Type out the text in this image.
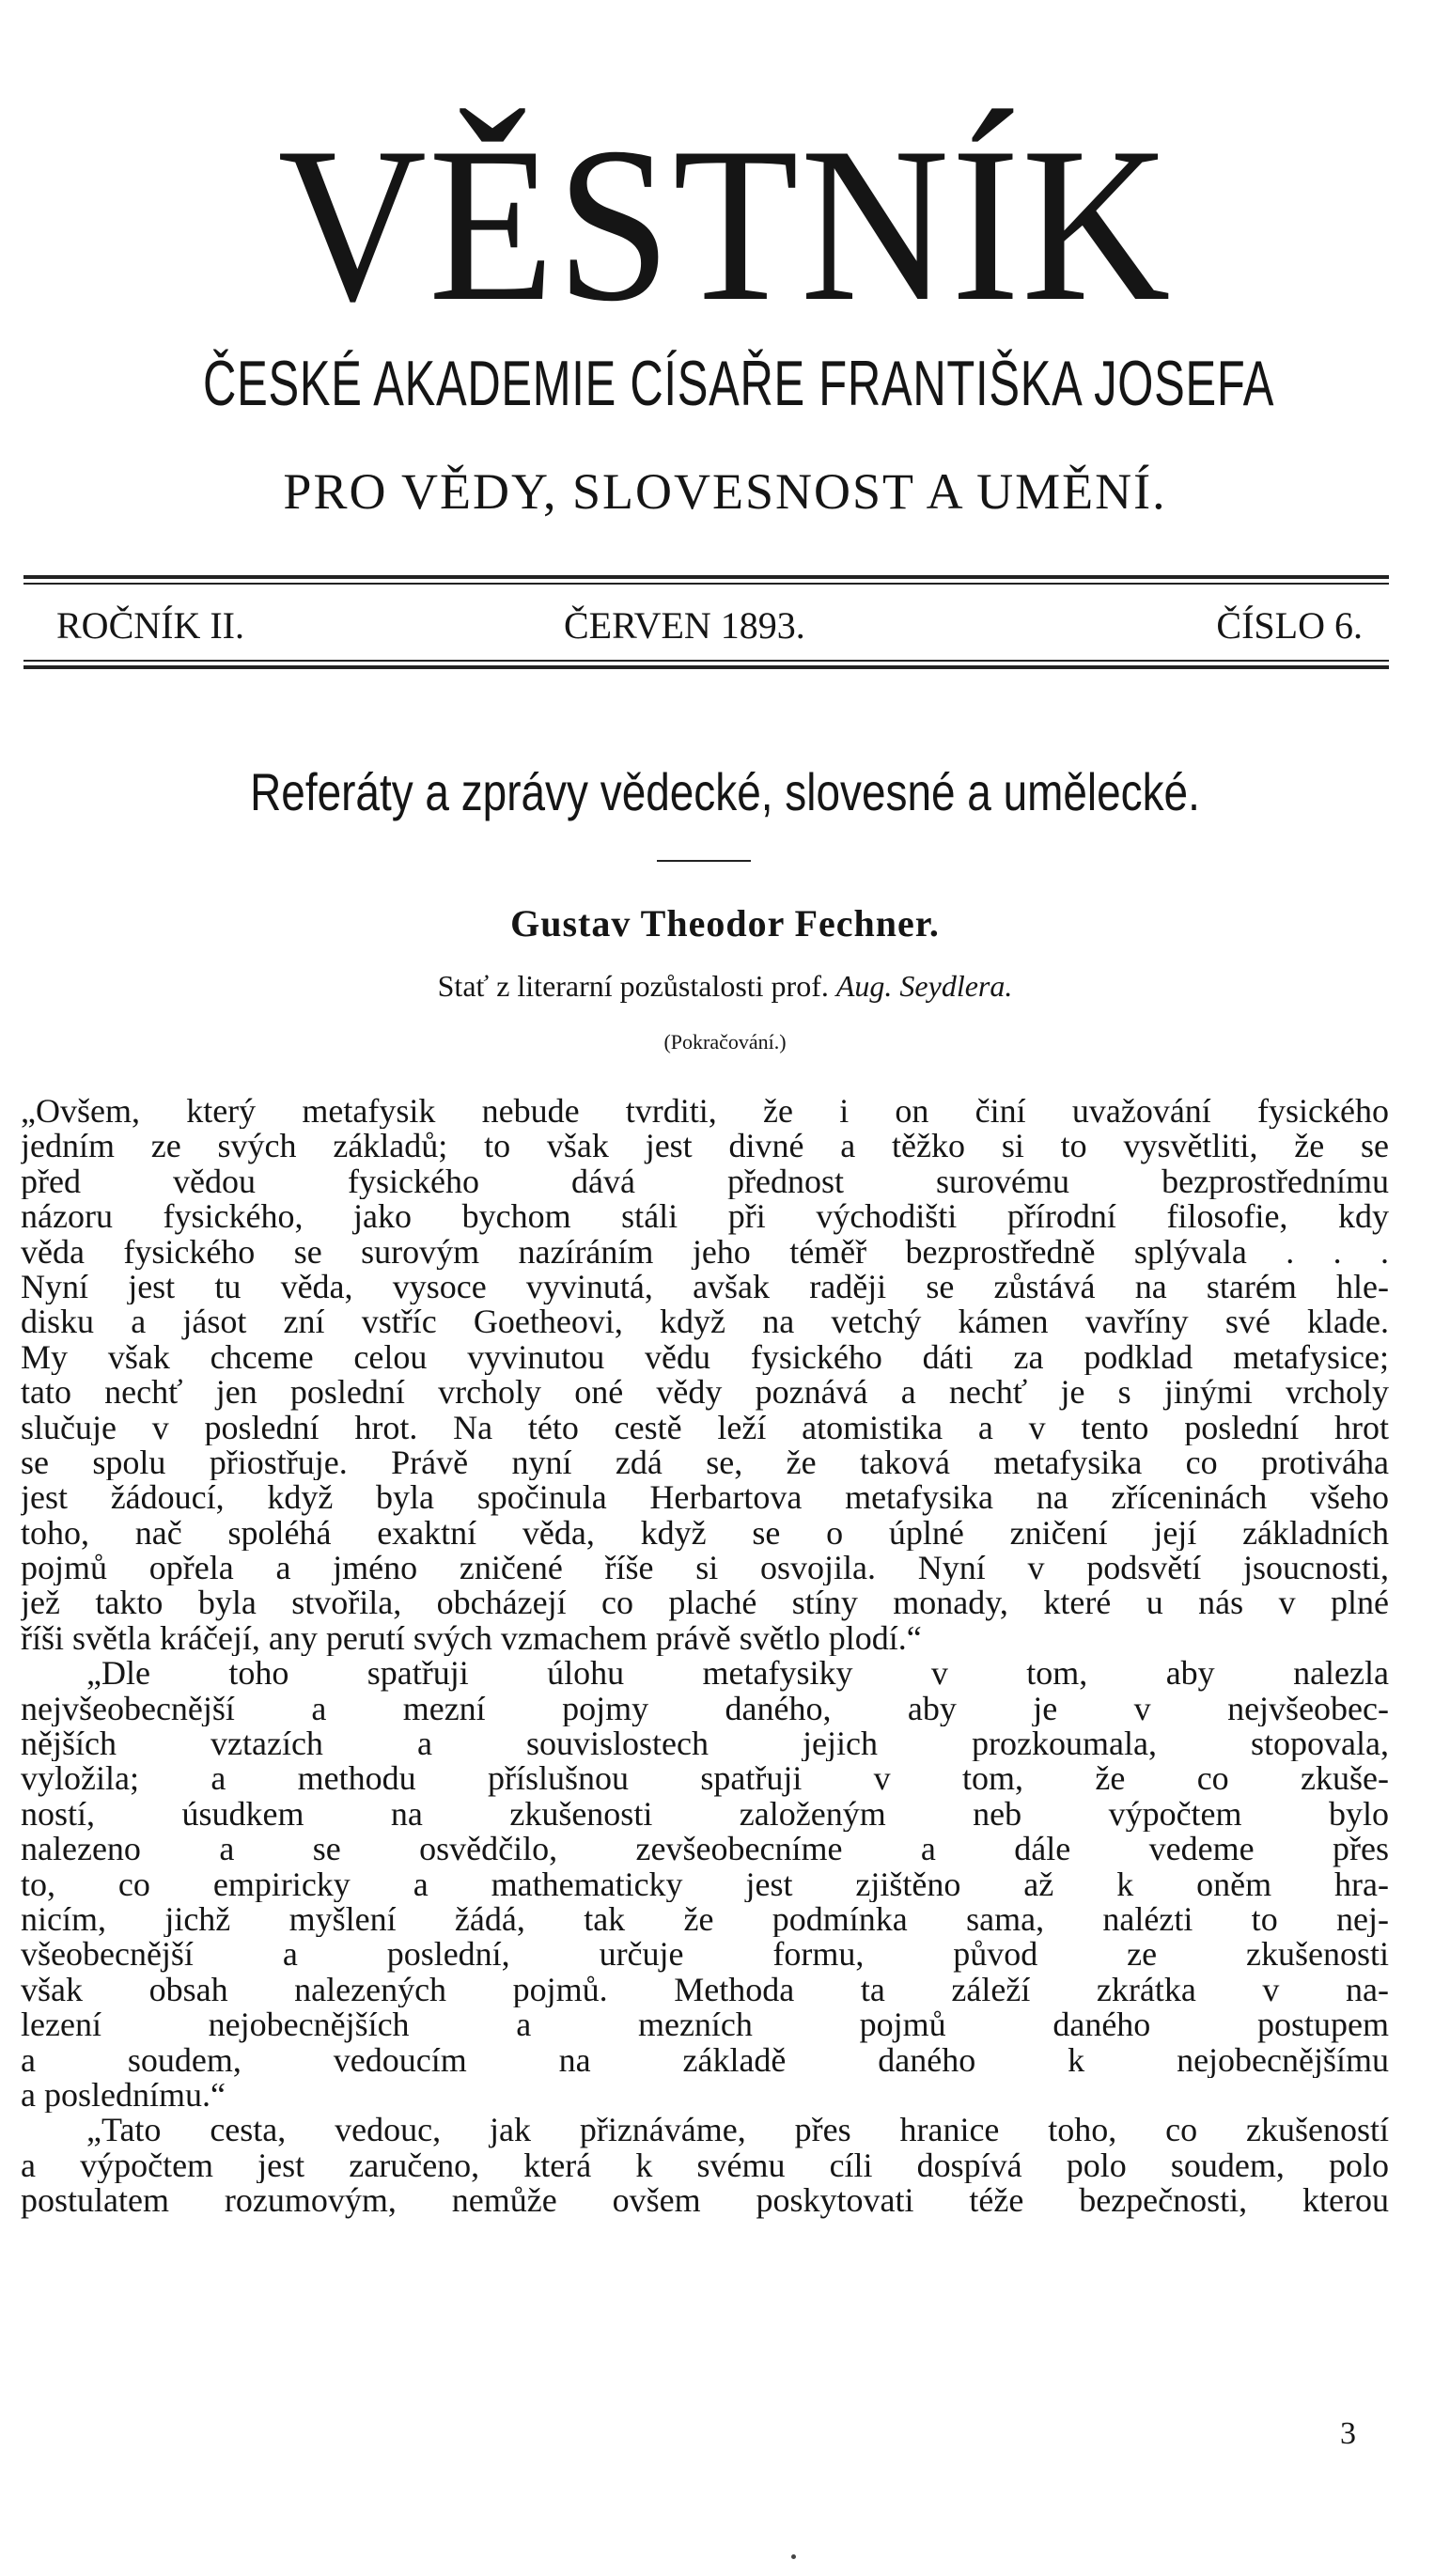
VĚSTNÍK
ČESKÉ AKADEMIE CÍSAŘE FRANTIŠKA JOSEFA
PRO VĚDY, SLOVESNOST A UMĚNÍ.
ROČNÍK II.	ČERVEN 1893.	ČÍSLO 6.
Referáty a zprávy vědecké, slovesné a umělecké.
Gustav Theodor Fechner.
Stať z literarní pozůstalosti prof. Aug. Seydlera.
(Pokračování.)
„Ovšem, který metafysik nebude tvrditi, že i on činí uvažování fysického
jedním ze svých základů; to však jest divné a těžko si to vysvětliti, že se
před vědou fysického dává přednost surovému bezprostřednímu
názoru fysického, jako bychom stáli při východišti přírodní filosofie, kdy
věda fysického se surovým nazíráním jeho téměř bezprostředně splývala . . .
Nyní jest tu věda, vysoce vyvinutá, avšak raději se zůstává na starém hle-
disku a jásot zní vstříc Goetheovi, když na vetchý kámen vavříny své klade.
My však chceme celou vyvinutou vědu fysického dáti za podklad metafysice;
tato nechť jen poslední vrcholy oné vědy poznává a nechť je s jinými vrcholy
slučuje v poslední hrot. Na této cestě leží atomistika a v tento poslední hrot
se spolu přiostřuje. Právě nyní zdá se, že taková metafysika co protiváha
jest žádoucí, když byla spočinula Herbartova metafysika na zříceninách všeho
toho, nač spoléhá exaktní věda, když se o úplné zničení její základních
pojmů opřela a jméno zničené říše si osvojila. Nyní v podsvětí jsoucnosti,
jež takto byla stvořila, obcházejí co plaché stíny monady, které u nás v plné
říši světla kráčejí, any perutí svých vzmachem právě světlo plodí.“
„Dle toho spatřuji úlohu metafysiky v tom, aby nalezla
nejvšeobecnější a mezní pojmy daného, aby je v nejvšeobec-
nějších vztazích a souvislostech jejich prozkoumala, stopovala,
vyložila; a methodu příslušnou spatřuji v tom, že co zkuše-
ností, úsudkem na zkušenosti založeným neb výpočtem bylo
nalezeno a se osvědčilo, zevšeobecníme a dále vedeme přes
to, co empiricky a mathematicky jest zjištěno až k oněm hra-
nicím, jichž myšlení žádá, tak že podmínka sama, nalézti to nej-
všeobecnější a poslední, určuje formu, původ ze zkušenosti
však obsah nalezených pojmů. Methoda ta záleží zkrátka v na-
lezení nejobecnějších a mezních pojmů daného postupem
a soudem, vedoucím na základě daného k nejobecnějšímu
a poslednímu.“
„Tato cesta, vedouc, jak přiznáváme, přes hranice toho, co zkušeností
a výpočtem jest zaručeno, která k svému cíli dospívá polo soudem, polo
postulatem rozumovým, nemůže ovšem poskytovati téže bezpečnosti, kterou
3
